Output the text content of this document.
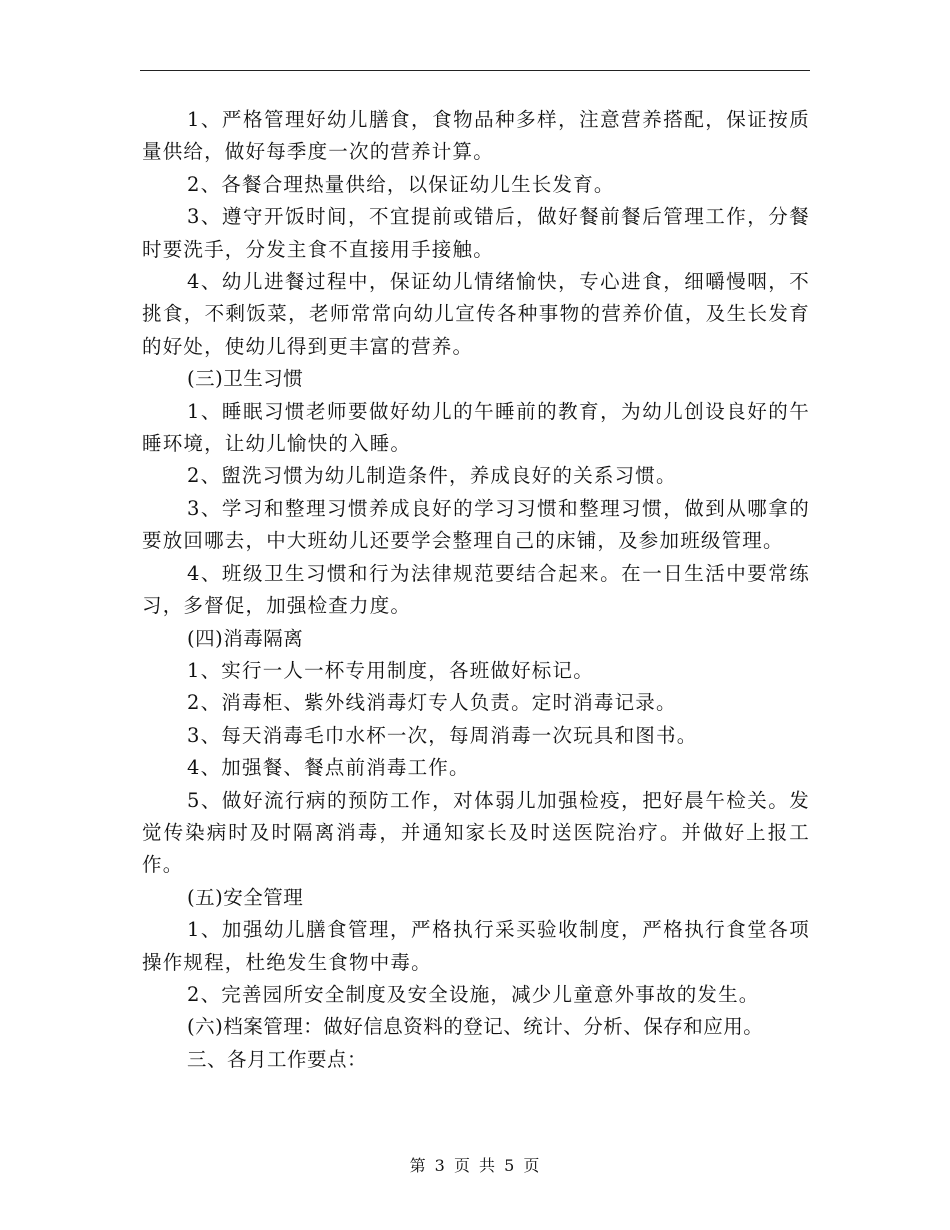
1、严格管理好幼儿膳食，食物品种多样，注意营养搭配，保证按质量供给，做好每季度一次的营养计算。

2、各餐合理热量供给，以保证幼儿生长发育。

3、遵守开饭时间，不宜提前或错后，做好餐前餐后管理工作，分餐时要洗手，分发主食不直接用手接触。

4、幼儿进餐过程中，保证幼儿情绪愉快，专心进食，细嚼慢咽，不挑食，不剩饭菜，老师常常向幼儿宣传各种事物的营养价值，及生长发育的好处，使幼儿得到更丰富的营养。

(三)卫生习惯

1、睡眠习惯老师要做好幼儿的午睡前的教育，为幼儿创设良好的午睡环境，让幼儿愉快的入睡。

2、盥洗习惯为幼儿制造条件，养成良好的关系习惯。

3、学习和整理习惯养成良好的学习习惯和整理习惯，做到从哪拿的要放回哪去，中大班幼儿还要学会整理自己的床铺，及参加班级管理。

4、班级卫生习惯和行为法律规范要结合起来。在一日生活中要常练习，多督促，加强检查力度。

(四)消毒隔离

1、实行一人一杯专用制度，各班做好标记。

2、消毒柜、紫外线消毒灯专人负责。定时消毒记录。

3、每天消毒毛巾水杯一次，每周消毒一次玩具和图书。

4、加强餐、餐点前消毒工作。

5、做好流行病的预防工作，对体弱儿加强检疫，把好晨午检关。发觉传染病时及时隔离消毒，并通知家长及时送医院治疗。并做好上报工作。

(五)安全管理

1、加强幼儿膳食管理，严格执行采买验收制度，严格执行食堂各项操作规程，杜绝发生食物中毒。

2、完善园所安全制度及安全设施，减少儿童意外事故的发生。

(六)档案管理：做好信息资料的登记、统计、分析、保存和应用。

三、各月工作要点：

第 3 页 共 5 页
